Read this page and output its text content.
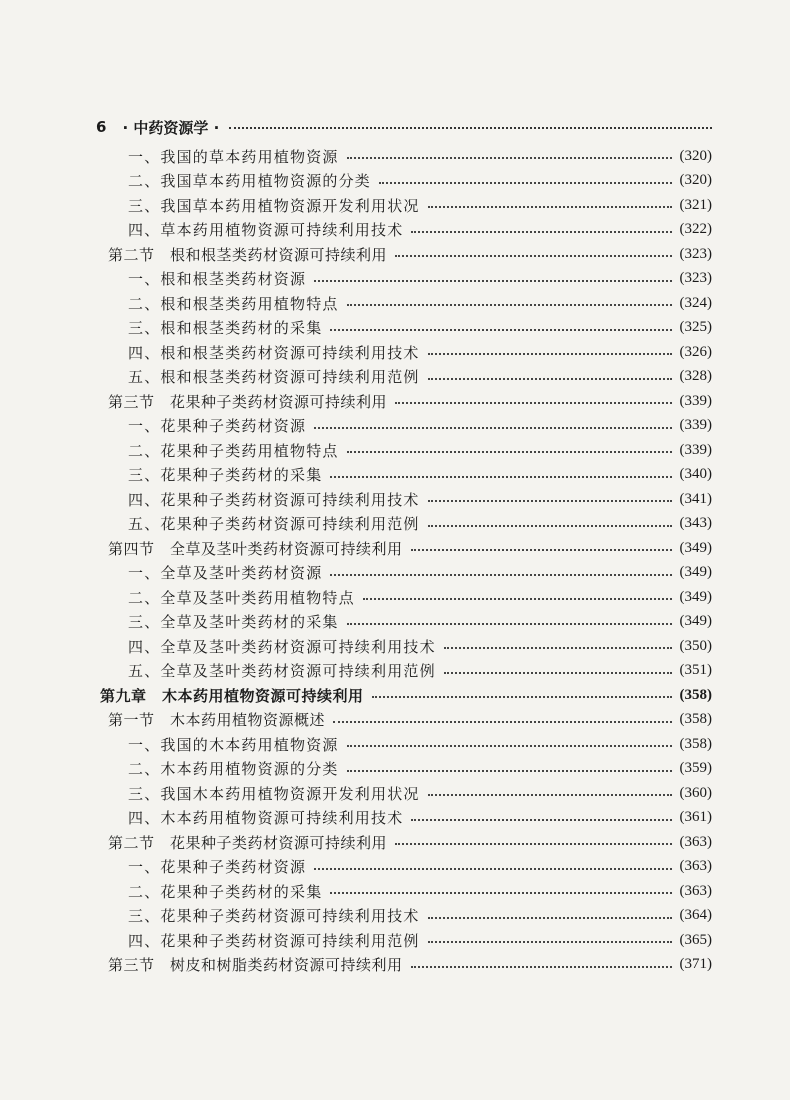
6 · 中药资源学 ·
一、我国的草本药用植物资源	(320)
二、我国草本药用植物资源的分类	(320)
三、我国草本药用植物资源开发利用状况	(321)
四、草本药用植物资源可持续利用技术	(322)
第二节　根和根茎类药材资源可持续利用	(323)
一、根和根茎类药材资源	(323)
二、根和根茎类药用植物特点	(324)
三、根和根茎类药材的采集	(325)
四、根和根茎类药材资源可持续利用技术	(326)
五、根和根茎类药材资源可持续利用范例	(328)
第三节　花果种子类药材资源可持续利用	(339)
一、花果种子类药材资源	(339)
二、花果种子类药用植物特点	(339)
三、花果种子类药材的采集	(340)
四、花果种子类药材资源可持续利用技术	(341)
五、花果种子类药材资源可持续利用范例	(343)
第四节　全草及茎叶类药材资源可持续利用	(349)
一、全草及茎叶类药材资源	(349)
二、全草及茎叶类药用植物特点	(349)
三、全草及茎叶类药材的采集	(349)
四、全草及茎叶类药材资源可持续利用技术	(350)
五、全草及茎叶类药材资源可持续利用范例	(351)
第九章　木本药用植物资源可持续利用	(358)
第一节　木本药用植物资源概述	(358)
一、我国的木本药用植物资源	(358)
二、木本药用植物资源的分类	(359)
三、我国木本药用植物资源开发利用状况	(360)
四、木本药用植物资源可持续利用技术	(361)
第二节　花果种子类药材资源可持续利用	(363)
一、花果种子类药材资源	(363)
二、花果种子类药材的采集	(363)
三、花果种子类药材资源可持续利用技术	(364)
四、花果种子类药材资源可持续利用范例	(365)
第三节　树皮和树脂类药材资源可持续利用	(371)
